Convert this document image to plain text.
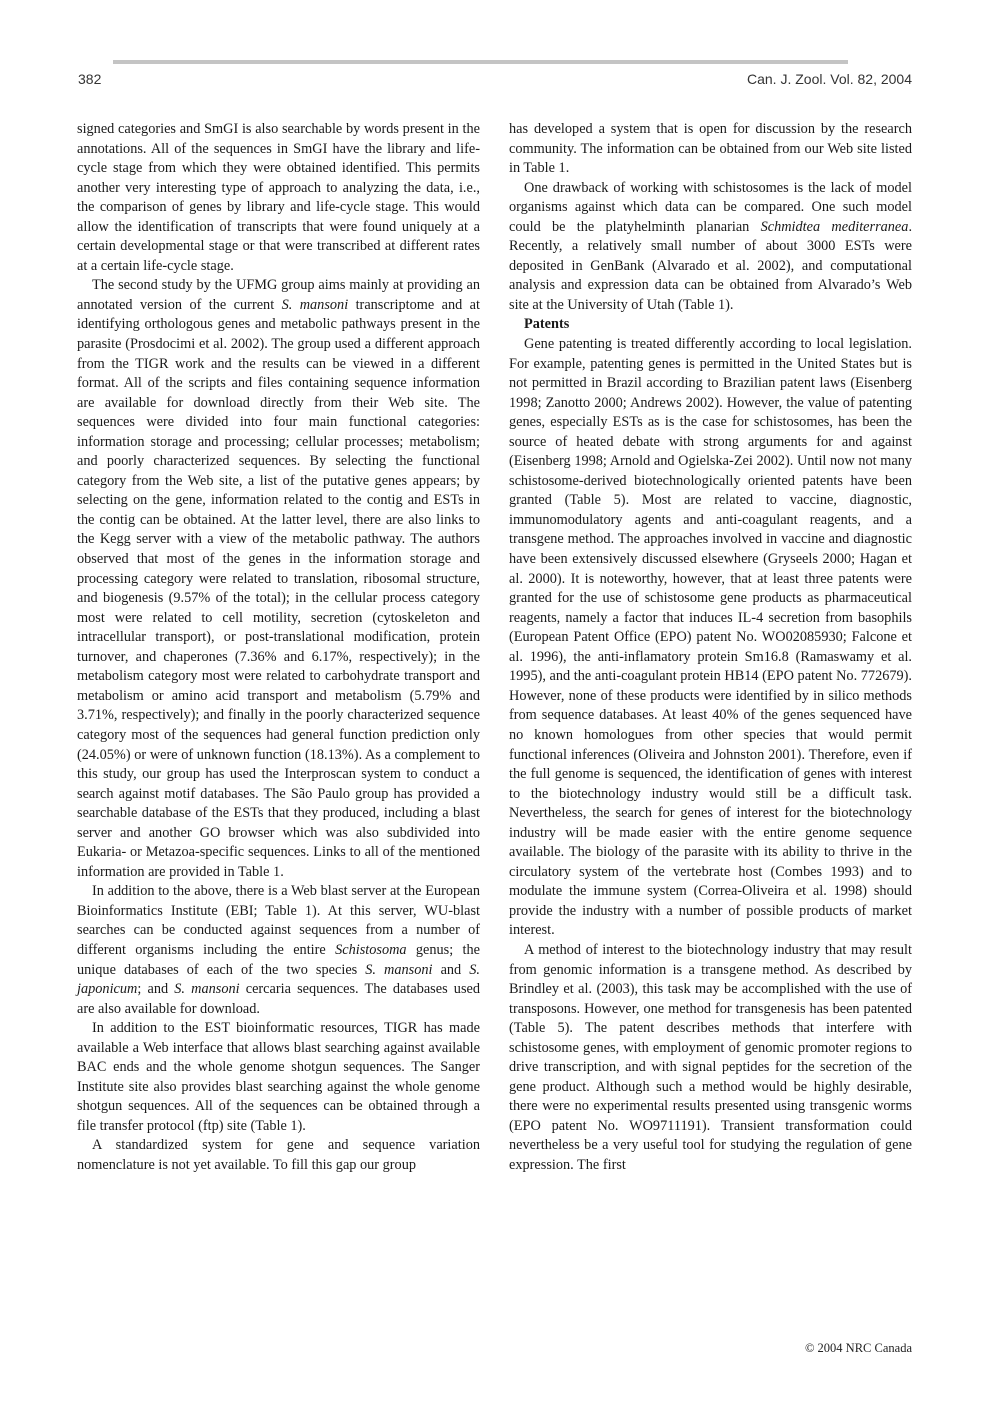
382	Can. J. Zool. Vol. 82, 2004

signed categories and SmGI is also searchable by words present in the annotations. All of the sequences in SmGI have the library and life-cycle stage from which they were obtained identified. This permits another very interesting type of approach to analyzing the data, i.e., the comparison of genes by library and life-cycle stage. This would allow the identification of transcripts that were found uniquely at a certain developmental stage or that were transcribed at different rates at a certain life-cycle stage.

The second study by the UFMG group aims mainly at providing an annotated version of the current S. mansoni transcriptome and at identifying orthologous genes and metabolic pathways present in the parasite (Prosdocimi et al. 2002). The group used a different approach from the TIGR work and the results can be viewed in a different format. All of the scripts and files containing sequence information are available for download directly from their Web site. The sequences were divided into four main functional categories: information storage and processing; cellular processes; metabolism; and poorly characterized sequences. By selecting the functional category from the Web site, a list of the putative genes appears; by selecting on the gene, information related to the contig and ESTs in the contig can be obtained. At the latter level, there are also links to the Kegg server with a view of the metabolic pathway. The authors observed that most of the genes in the information storage and processing category were related to translation, ribosomal structure, and biogenesis (9.57% of the total); in the cellular process category most were related to cell motility, secretion (cytoskeleton and intracellular transport), or post-translational modification, protein turnover, and chaperones (7.36% and 6.17%, respectively); in the metabolism category most were related to carbohydrate transport and metabolism or amino acid transport and metabolism (5.79% and 3.71%, respectively); and finally in the poorly characterized sequence category most of the sequences had general function prediction only (24.05%) or were of unknown function (18.13%). As a complement to this study, our group has used the Interproscan system to conduct a search against motif databases. The São Paulo group has provided a searchable database of the ESTs that they produced, including a blast server and another GO browser which was also subdivided into Eukaria- or Metazoa-specific sequences. Links to all of the mentioned information are provided in Table 1.

In addition to the above, there is a Web blast server at the European Bioinformatics Institute (EBI; Table 1). At this server, WU-blast searches can be conducted against sequences from a number of different organisms including the entire Schistosoma genus; the unique databases of each of the two species S. mansoni and S. japonicum; and S. mansoni cercaria sequences. The databases used are also available for download.

In addition to the EST bioinformatic resources, TIGR has made available a Web interface that allows blast searching against available BAC ends and the whole genome shotgun sequences. The Sanger Institute site also provides blast searching against the whole genome shotgun sequences. All of the sequences can be obtained through a file transfer protocol (ftp) site (Table 1).

A standardized system for gene and sequence variation nomenclature is not yet available. To fill this gap our group

has developed a system that is open for discussion by the research community. The information can be obtained from our Web site listed in Table 1.

One drawback of working with schistosomes is the lack of model organisms against which data can be compared. One such model could be the platyhelminth planarian Schmidtea mediterranea. Recently, a relatively small number of about 3000 ESTs were deposited in GenBank (Alvarado et al. 2002), and computational analysis and expression data can be obtained from Alvarado’s Web site at the University of Utah (Table 1).

Patents

Gene patenting is treated differently according to local legislation. For example, patenting genes is permitted in the United States but is not permitted in Brazil according to Brazilian patent laws (Eisenberg 1998; Zanotto 2000; Andrews 2002). However, the value of patenting genes, especially ESTs as is the case for schistosomes, has been the source of heated debate with strong arguments for and against (Eisenberg 1998; Arnold and Ogielska-Zei 2002). Until now not many schistosome-derived biotechnologically oriented patents have been granted (Table 5). Most are related to vaccine, diagnostic, immunomodulatory agents and anti-coagulant reagents, and a transgene method. The approaches involved in vaccine and diagnostic have been extensively discussed elsewhere (Gryseels 2000; Hagan et al. 2000). It is noteworthy, however, that at least three patents were granted for the use of schistosome gene products as pharmaceutical reagents, namely a factor that induces IL-4 secretion from basophils (European Patent Office (EPO) patent No. WO02085930; Falcone et al. 1996), the anti-inflamatory protein Sm16.8 (Ramaswamy et al. 1995), and the anti-coagulant protein HB14 (EPO patent No. 772679). However, none of these products were identified by in silico methods from sequence databases. At least 40% of the genes sequenced have no known homologues from other species that would permit functional inferences (Oliveira and Johnston 2001). Therefore, even if the full genome is sequenced, the identification of genes with interest to the biotechnology industry would still be a difficult task. Nevertheless, the search for genes of interest for the biotechnology industry will be made easier with the entire genome sequence available. The biology of the parasite with its ability to thrive in the circulatory system of the vertebrate host (Combes 1993) and to modulate the immune system (Correa-Oliveira et al. 1998) should provide the industry with a number of possible products of market interest.

A method of interest to the biotechnology industry that may result from genomic information is a transgene method. As described by Brindley et al. (2003), this task may be accomplished with the use of transposons. However, one method for transgenesis has been patented (Table 5). The patent describes methods that interfere with schistosome genes, with employment of genomic promoter regions to drive transcription, and with signal peptides for the secretion of the gene product. Although such a method would be highly desirable, there were no experimental results presented using transgenic worms (EPO patent No. WO9711191). Transient transformation could nevertheless be a very useful tool for studying the regulation of gene expression. The first

© 2004 NRC Canada
